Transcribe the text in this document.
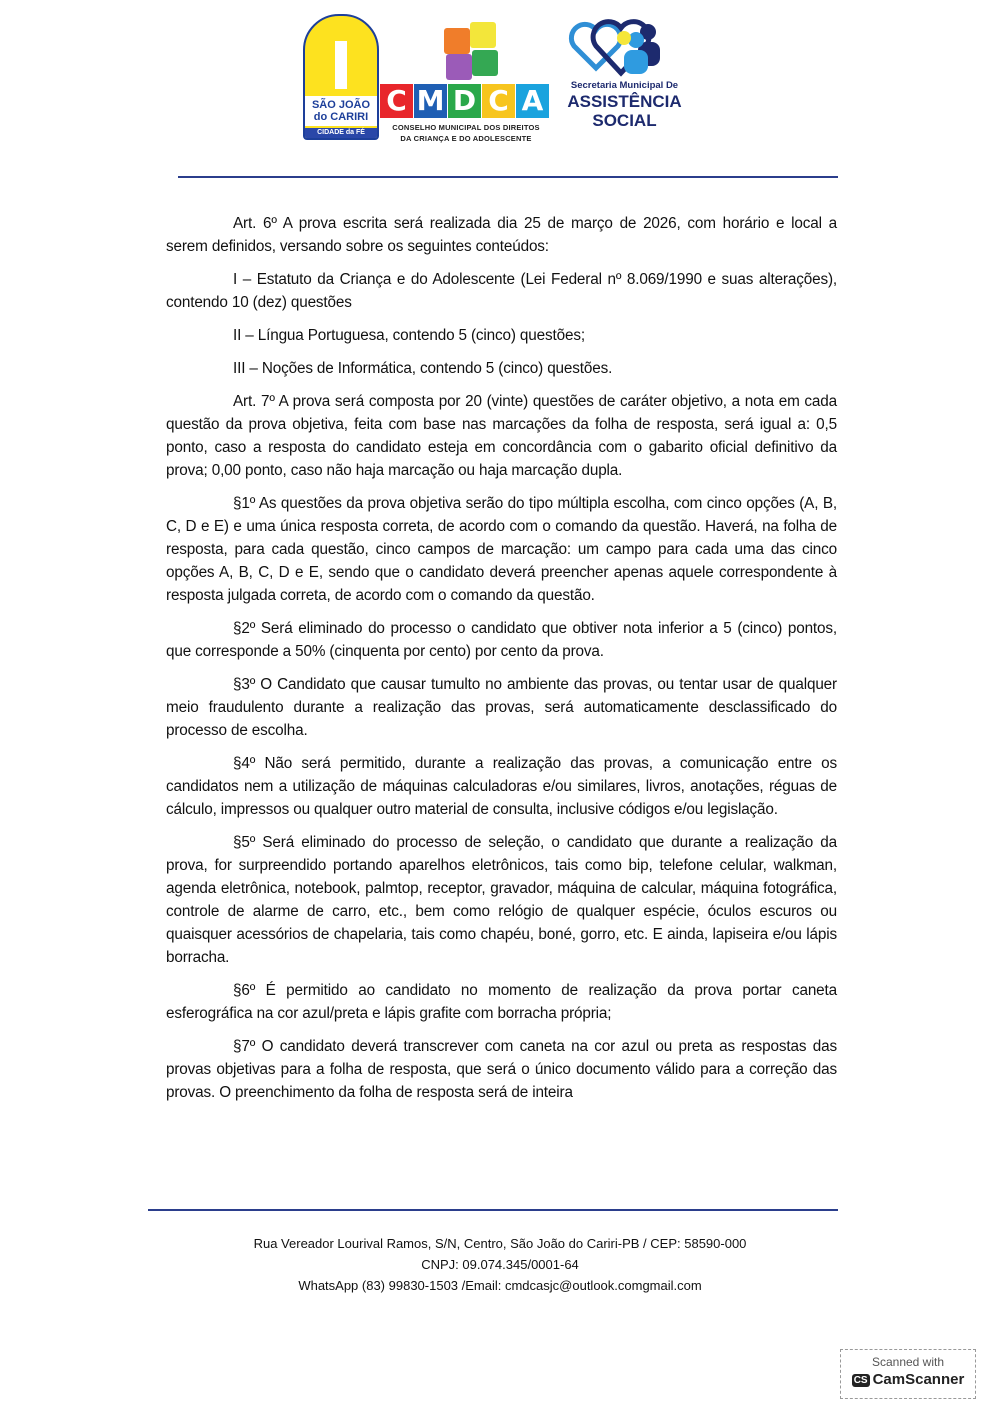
SÃO JOÃO do CARIRI
CIDADE da FÉ
C M D C A
CONSELHO MUNICIPAL DOS DIREITOS
DA CRIANÇA E DO ADOLESCENTE
Secretaria Municipal De
ASSISTÊNCIA
SOCIAL

Art. 6º A prova escrita será realizada dia 25 de março de 2026, com horário e local a serem definidos, versando sobre os seguintes conteúdos:

I – Estatuto da Criança e do Adolescente (Lei Federal nº 8.069/1990 e suas alterações), contendo 10 (dez) questões

II – Língua Portuguesa, contendo 5 (cinco) questões;

III – Noções de Informática, contendo 5 (cinco) questões.

Art. 7º A prova será composta por 20 (vinte) questões de caráter objetivo, a nota em cada questão da prova objetiva, feita com base nas marcações da folha de resposta, será igual a: 0,5 ponto, caso a resposta do candidato esteja em concordância com o gabarito oficial definitivo da prova; 0,00 ponto, caso não haja marcação ou haja marcação dupla.

§1º As questões da prova objetiva serão do tipo múltipla escolha, com cinco opções (A, B, C, D e E) e uma única resposta correta, de acordo com o comando da questão. Haverá, na folha de resposta, para cada questão, cinco campos de marcação: um campo para cada uma das cinco opções A, B, C, D e E, sendo que o candidato deverá preencher apenas aquele correspondente à resposta julgada correta, de acordo com o comando da questão.

§2º Será eliminado do processo o candidato que obtiver nota inferior a 5 (cinco) pontos, que corresponde a 50% (cinquenta por cento) por cento da prova.

§3º O Candidato que causar tumulto no ambiente das provas, ou tentar usar de qualquer meio fraudulento durante a realização das provas, será automaticamente desclassificado do processo de escolha.

§4º Não será permitido, durante a realização das provas, a comunicação entre os candidatos nem a utilização de máquinas calculadoras e/ou similares, livros, anotações, réguas de cálculo, impressos ou qualquer outro material de consulta, inclusive códigos e/ou legislação.

§5º Será eliminado do processo de seleção, o candidato que durante a realização da prova, for surpreendido portando aparelhos eletrônicos, tais como bip, telefone celular, walkman, agenda eletrônica, notebook, palmtop, receptor, gravador, máquina de calcular, máquina fotográfica, controle de alarme de carro, etc., bem como relógio de qualquer espécie, óculos escuros ou quaisquer acessórios de chapelaria, tais como chapéu, boné, gorro, etc. E ainda, lapiseira e/ou lápis borracha.

§6º É permitido ao candidato no momento de realização da prova portar caneta esferográfica na cor azul/preta e lápis grafite com borracha própria;

§7º O candidato deverá transcrever com caneta na cor azul ou preta as respostas das provas objetivas para a folha de resposta, que será o único documento válido para a correção das provas. O preenchimento da folha de resposta será de inteira

Rua Vereador Lourival Ramos, S/N, Centro, São João do Cariri-PB / CEP: 58590-000
CNPJ: 09.074.345/0001-64
WhatsApp (83) 99830-1503 /Email: cmdcasjc@outlook.comgmail.com
Scanned with
CS CamScanner
